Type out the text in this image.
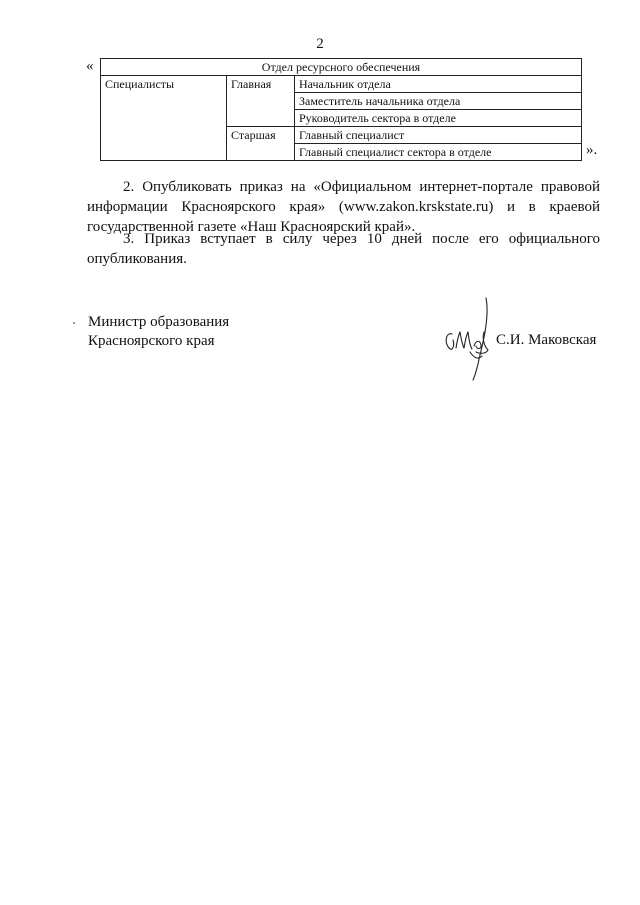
2
«	Отдел ресурсного обеспечения		
Специалисты	Главная	Начальник отдела
		Заместитель начальника отдела
		Руководитель сектора в отделе
	Старшая	Главный специалист
		Главный специалист сектора в отделе	».

2. Опубликовать приказ на «Официальном интернет-портале правовой информации Красноярского края» (www.zakon.krskstate.ru) и в краевой государственной газете «Наш Красноярский край».

3. Приказ вступает в силу через 10 дней после его официального опубликования.

Министр образования
Красноярского края	С.И. Маковская
